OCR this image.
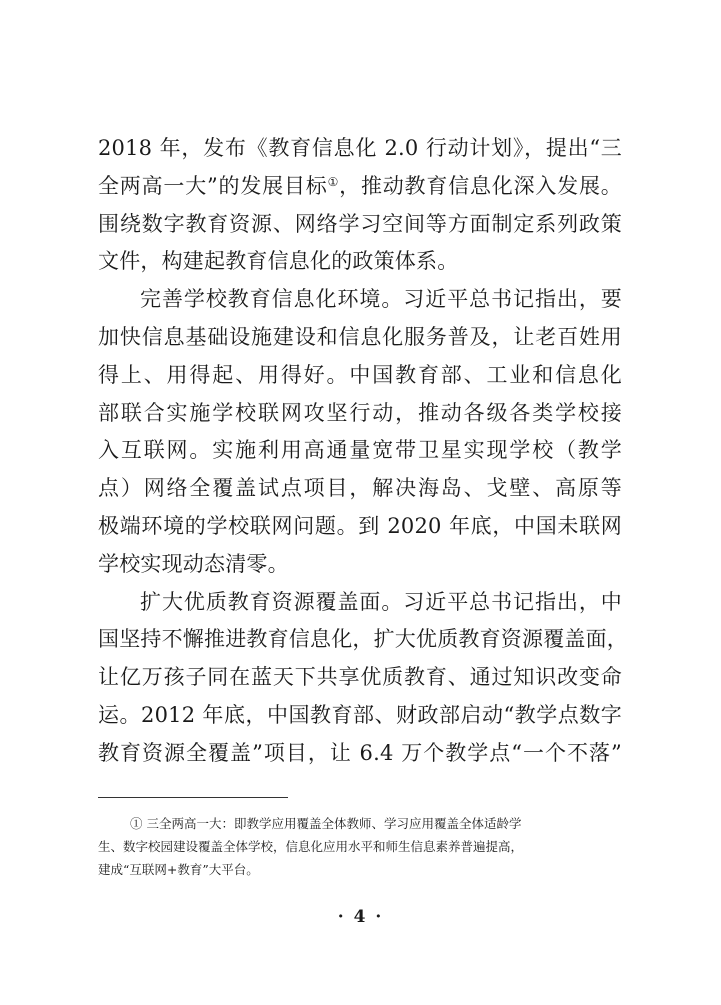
2018 年，发布《教育信息化 2.0 行动计划》，提出“三
全两高一大”的发展目标①，推动教育信息化深入发展。
围绕数字教育资源、网络学习空间等方面制定系列政策
文件，构建起教育信息化的政策体系。
完善学校教育信息化环境。习近平总书记指出，要
加快信息基础设施建设和信息化服务普及，让老百姓用
得上、用得起、用得好。中国教育部、工业和信息化
部联合实施学校联网攻坚行动，推动各级各类学校接
入互联网。实施利用高通量宽带卫星实现学校（教学
点）网络全覆盖试点项目，解决海岛、戈壁、高原等
极端环境的学校联网问题。到 2020 年底，中国未联网
学校实现动态清零。
扩大优质教育资源覆盖面。习近平总书记指出，中
国坚持不懈推进教育信息化，扩大优质教育资源覆盖面，
让亿万孩子同在蓝天下共享优质教育、通过知识改变命
运。2012 年底，中国教育部、财政部启动“教学点数字
教育资源全覆盖”项目，让 6.4 万个教学点“一个不落”
① 三全两高一大：即教学应用覆盖全体教师、学习应用覆盖全体适龄学
生、数字校园建设覆盖全体学校，信息化应用水平和师生信息素养普遍提高，
建成“互联网+教育”大平台。
· 4 ·
